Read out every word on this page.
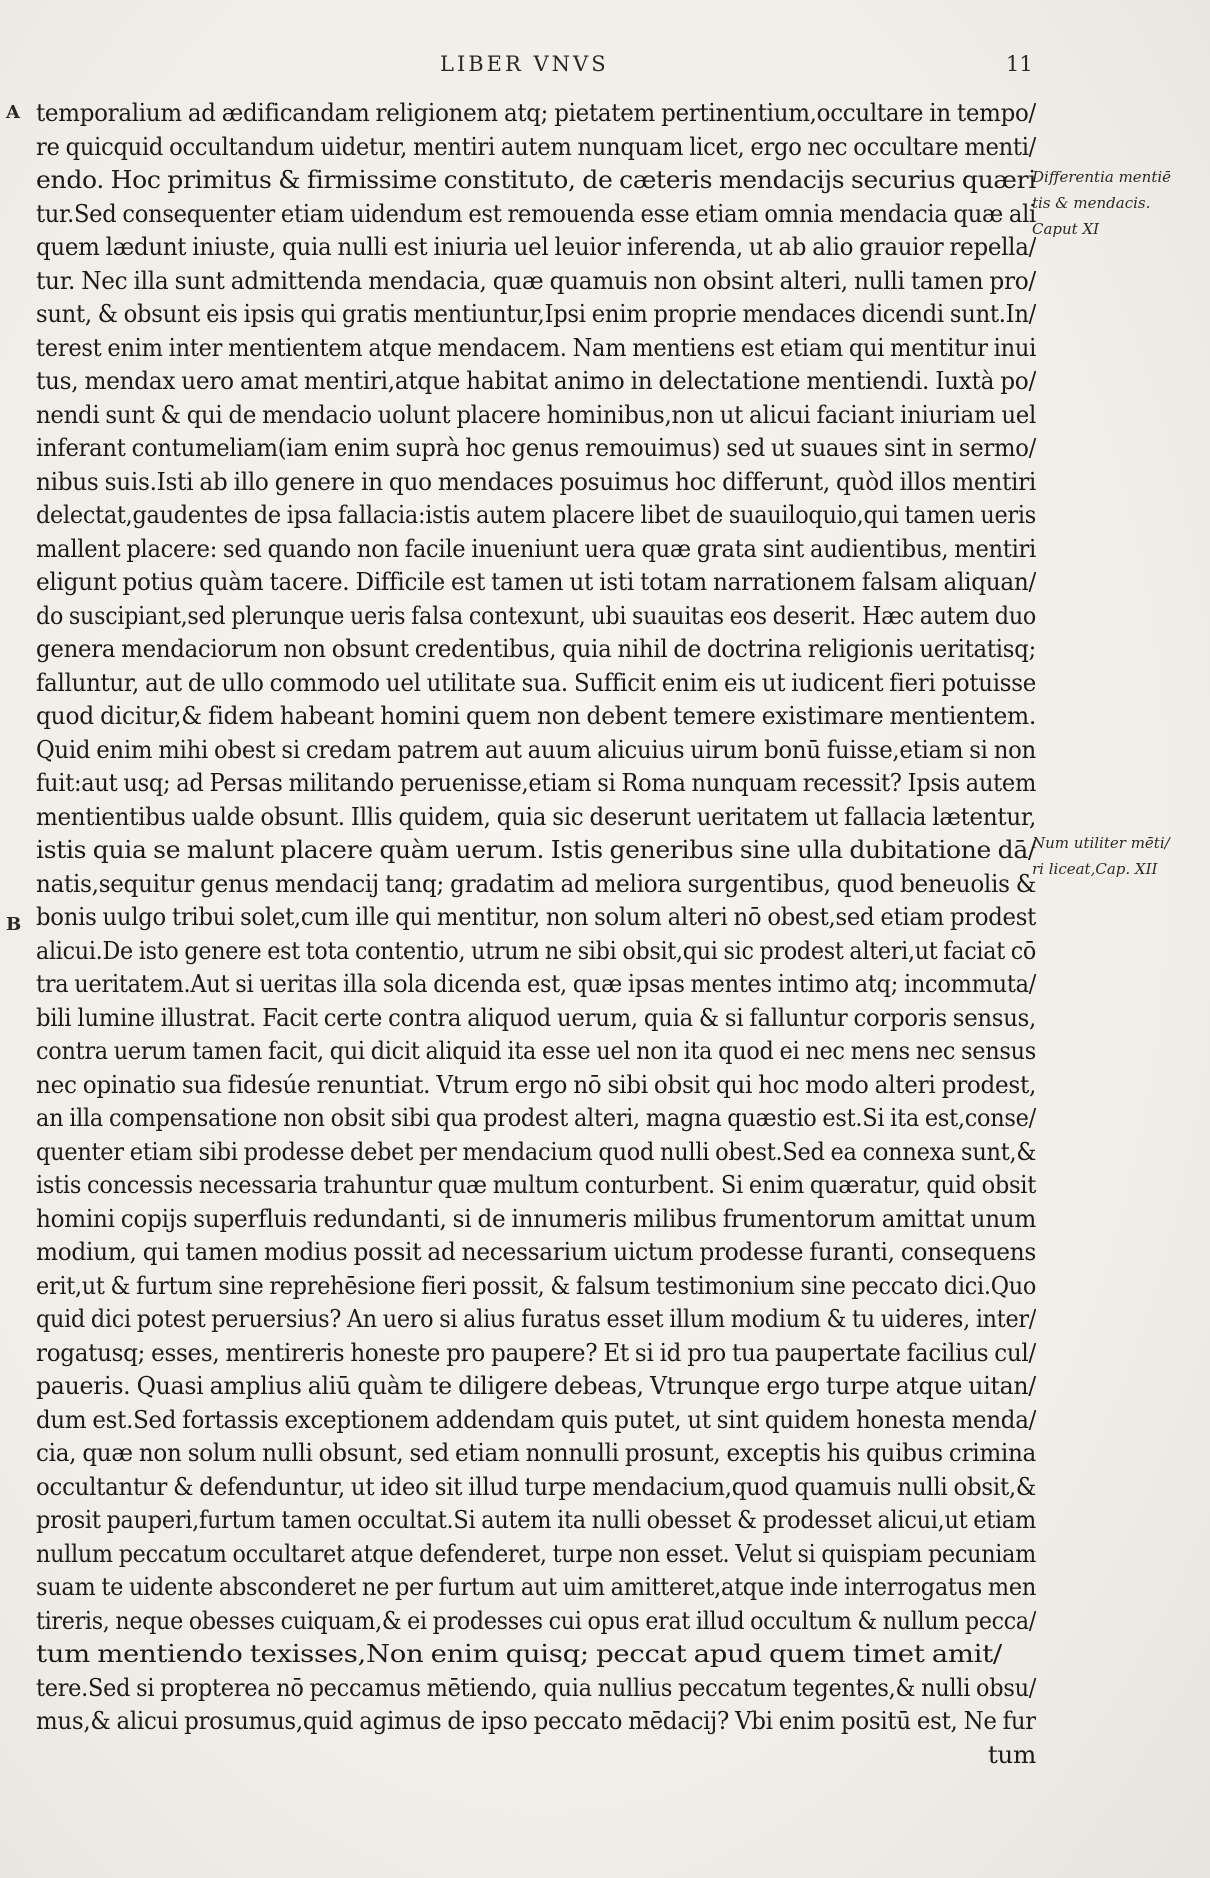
LIBER VNVS	11
A
B
Differentia mentiē
tis & mendacis.
Caput XI
Num utiliter mēti/
ri liceat,Cap. XII
temporalium ad ædificandam religionem atq; pietatem pertinentium,occultare in tempo/
re quicquid occultandum uidetur, mentiri autem nunquam licet, ergo nec occultare menti/
endo. Hoc primitus & firmissime constituto, de cæteris mendacijs securius quæri
tur.Sed consequenter etiam uidendum est remouenda esse etiam omnia mendacia quæ ali
quem lædunt iniuste, quia nulli est iniuria uel leuior inferenda, ut ab alio grauior repella/
tur. Nec illa sunt admittenda mendacia, quæ quamuis non obsint alteri, nulli tamen pro/
sunt, & obsunt eis ipsis qui gratis mentiuntur,Ipsi enim proprie mendaces dicendi sunt.In/
terest enim inter mentientem atque mendacem. Nam mentiens est etiam qui mentitur inui
tus, mendax uero amat mentiri,atque habitat animo in delectatione mentiendi. Iuxtà po/
nendi sunt & qui de mendacio uolunt placere hominibus,non ut alicui faciant iniuriam uel
inferant contumeliam(iam enim suprà hoc genus remouimus) sed ut suaues sint in sermo/
nibus suis.Isti ab illo genere in quo mendaces posuimus hoc differunt, quòd illos mentiri
delectat,gaudentes de ipsa fallacia:istis autem placere libet de suauiloquio,qui tamen ueris
mallent placere: sed quando non facile inueniunt uera quæ grata sint audientibus, mentiri
eligunt potius quàm tacere. Difficile est tamen ut isti totam narrationem falsam aliquan/
do suscipiant,sed plerunque ueris falsa contexunt, ubi suauitas eos deserit. Hæc autem duo
genera mendaciorum non obsunt credentibus, quia nihil de doctrina religionis ueritatisq;
falluntur, aut de ullo commodo uel utilitate sua. Sufficit enim eis ut iudicent fieri potuisse
quod dicitur,& fidem habeant homini quem non debent temere existimare mentientem.
Quid enim mihi obest si credam patrem aut auum alicuius uirum bonū fuisse,etiam si non
fuit:aut usq; ad Persas militando peruenisse,etiam si Roma nunquam recessit? Ipsis autem
mentientibus ualde obsunt. Illis quidem, quia sic deserunt ueritatem ut fallacia lætentur,
istis quia se malunt placere quàm uerum. Istis generibus sine ulla dubitatione dā/
natis,sequitur genus mendacij tanq; gradatim ad meliora surgentibus, quod beneuolis &
bonis uulgo tribui solet,cum ille qui mentitur, non solum alteri nō obest,sed etiam prodest
alicui.De isto genere est tota contentio, utrum ne sibi obsit,qui sic prodest alteri,ut faciat cō
tra ueritatem.Aut si ueritas illa sola dicenda est, quæ ipsas mentes intimo atq; incommuta/
bili lumine illustrat. Facit certe contra aliquod uerum, quia & si falluntur corporis sensus,
contra uerum tamen facit, qui dicit aliquid ita esse uel non ita quod ei nec mens nec sensus
nec opinatio sua fidesúe renuntiat. Vtrum ergo nō sibi obsit qui hoc modo alteri prodest,
an illa compensatione non obsit sibi qua prodest alteri, magna quæstio est.Si ita est,conse/
quenter etiam sibi prodesse debet per mendacium quod nulli obest.Sed ea connexa sunt,&
istis concessis necessaria trahuntur quæ multum conturbent. Si enim quæratur, quid obsit
homini copijs superfluis redundanti, si de innumeris milibus frumentorum amittat unum
modium, qui tamen modius possit ad necessarium uictum prodesse furanti, consequens
erit,ut & furtum sine reprehēsione fieri possit, & falsum testimonium sine peccato dici.Quo
quid dici potest peruersius? An uero si alius furatus esset illum modium & tu uideres, inter/
rogatusq; esses, mentireris honeste pro paupere? Et si id pro tua paupertate facilius cul/
paueris. Quasi amplius aliū quàm te diligere debeas, Vtrunque ergo turpe atque uitan/
dum est.Sed fortassis exceptionem addendam quis putet, ut sint quidem honesta menda/
cia, quæ non solum nulli obsunt, sed etiam nonnulli prosunt, exceptis his quibus crimina
occultantur & defenduntur, ut ideo sit illud turpe mendacium,quod quamuis nulli obsit,&
prosit pauperi,furtum tamen occultat.Si autem ita nulli obesset & prodesset alicui,ut etiam
nullum peccatum occultaret atque defenderet, turpe non esset. Velut si quispiam pecuniam
suam te uidente absconderet ne per furtum aut uim amitteret,atque inde interrogatus men
tireris, neque obesses cuiquam,& ei prodesses cui opus erat illud occultum & nullum pecca/
tum mentiendo texisses,Non enim quisq; peccat apud quem timet amit/
tere.Sed si propterea nō peccamus mētiendo, quia nullius peccatum tegentes,& nulli obsu/
mus,& alicui prosumus,quid agimus de ipso peccato mēdacij? Vbi enim positū est, Ne fur
tum
